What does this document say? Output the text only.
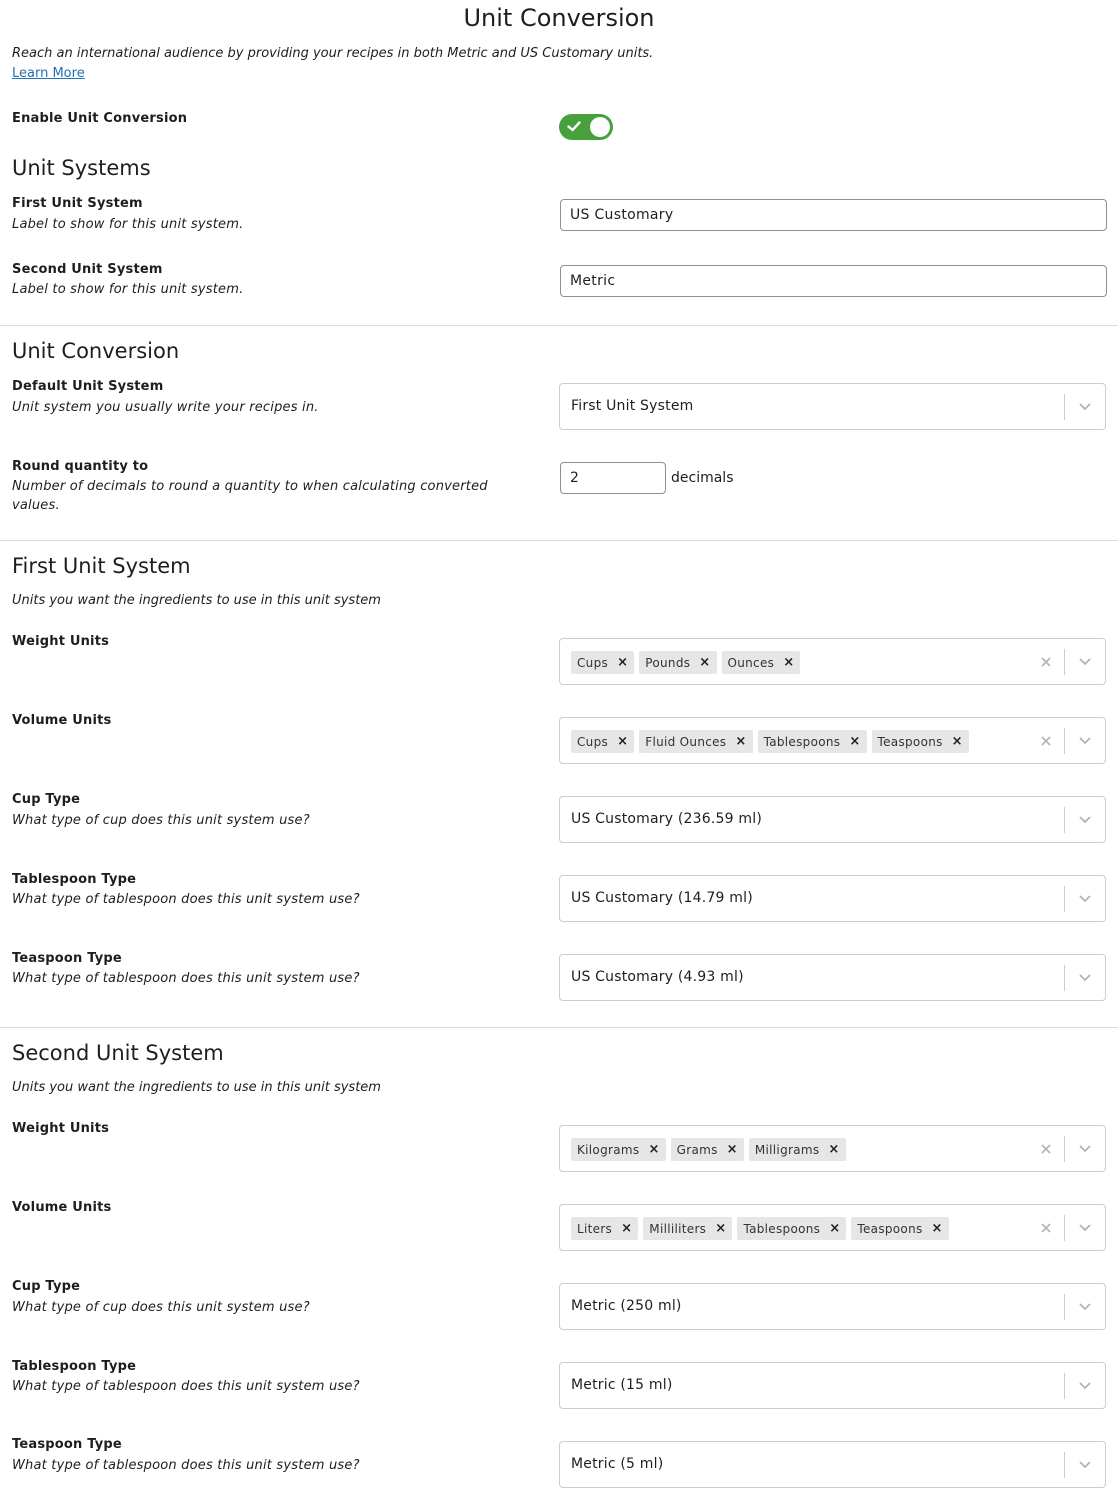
Unit Conversion
Reach an international audience by providing your recipes in both Metric and US Customary units.
Learn More
Enable Unit Conversion
Unit Systems
First Unit System
Label to show for this unit system.
US Customary
Second Unit System
Label to show for this unit system.
Metric
Unit Conversion
Default Unit System
Unit system you usually write your recipes in.	First Unit System
Round quantity to
Number of decimals to round a quantity to when calculating converted values.
2	decimals
First Unit System
Units you want the ingredients to use in this unit system
Weight Units
Cups ×	Pounds ×	Ounces ×
Volume Units
Cups ×	Fluid Ounces ×	Tablespoons ×	Teaspoons ×
Cup Type
What type of cup does this unit system use?	US Customary (236.59 ml)
Tablespoon Type
What type of tablespoon does this unit system use?	US Customary (14.79 ml)
Teaspoon Type
What type of tablespoon does this unit system use?	US Customary (4.93 ml)
Second Unit System
Units you want the ingredients to use in this unit system
Weight Units
Kilograms ×	Grams ×	Milligrams ×
Volume Units
Liters ×	Milliliters ×	Tablespoons ×	Teaspoons ×
Cup Type
What type of cup does this unit system use?	Metric (250 ml)
Tablespoon Type
What type of tablespoon does this unit system use?	Metric (15 ml)
Teaspoon Type
What type of tablespoon does this unit system use?	Metric (5 ml)
